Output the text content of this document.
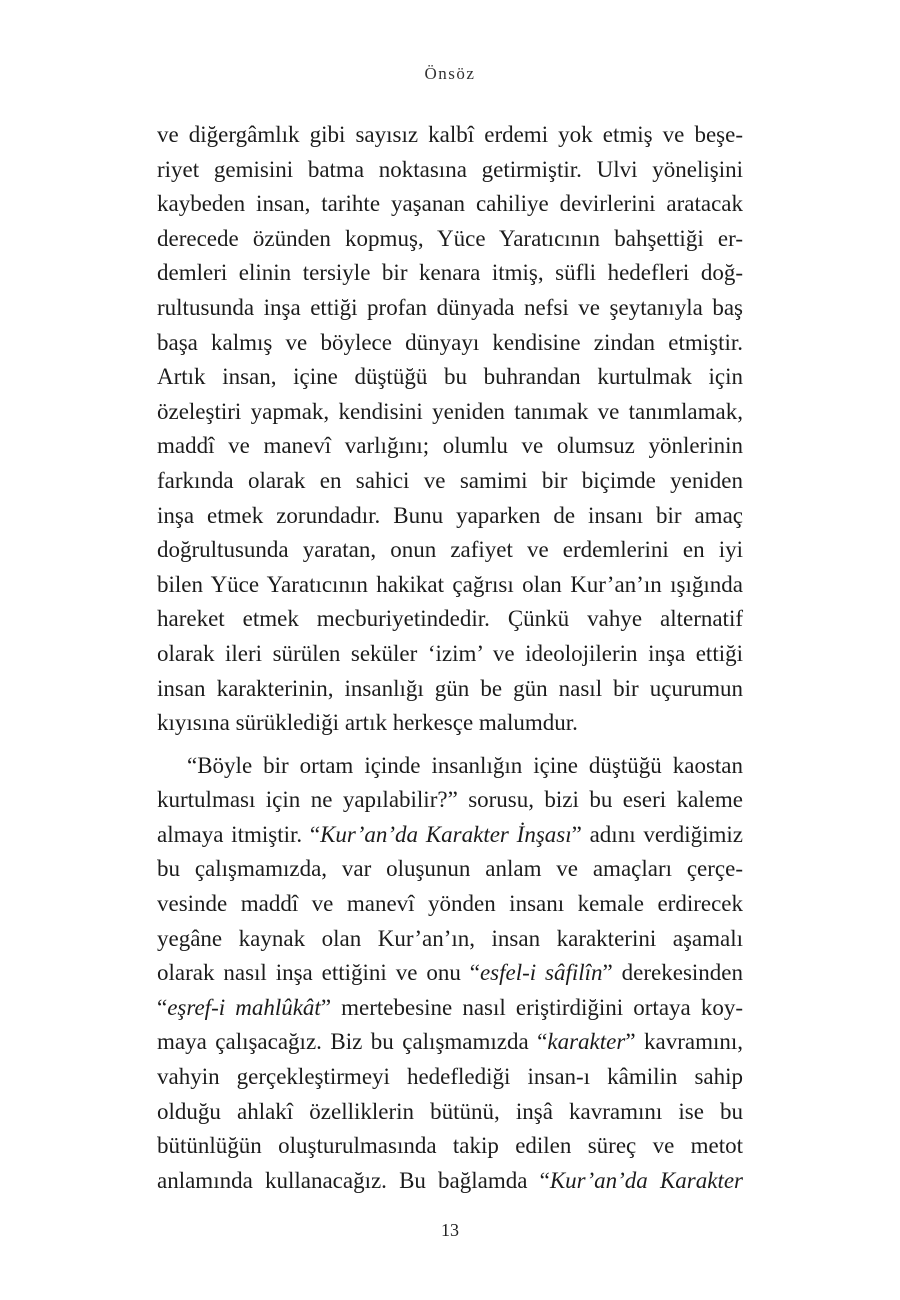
Önsöz
ve diğergâmlık gibi sayısız kalbî erdemi yok etmiş ve beşe-
riyet gemisini batma noktasına getirmiştir. Ulvi yönelişini
kaybeden insan, tarihte yaşanan cahiliye devirlerini aratacak
derecede özünden kopmuş, Yüce Yaratıcının bahşettiği er-
demleri elinin tersiyle bir kenara itmiş, süfli hedefleri doğ-
rultusunda inşa ettiği profan dünyada nefsi ve şeytanıyla baş
başa kalmış ve böylece dünyayı kendisine zindan etmiştir.
Artık insan, içine düştüğü bu buhrandan kurtulmak için
özeleştiri yapmak, kendisini yeniden tanımak ve tanımlamak,
maddî ve manevî varlığını; olumlu ve olumsuz yönlerinin
farkında olarak en sahici ve samimi bir biçimde yeniden
inşa etmek zorundadır. Bunu yaparken de insanı bir amaç
doğrultusunda yaratan, onun zafiyet ve erdemlerini en iyi
bilen Yüce Yaratıcının hakikat çağrısı olan Kur’an’ın ışığında
hareket etmek mecburiyetindedir. Çünkü vahye alternatif
olarak ileri sürülen seküler ‘izim’ ve ideolojilerin inşa ettiği
insan karakterinin, insanlığı gün be gün nasıl bir uçurumun
kıyısına sürüklediği artık herkesçe malumdur.
“Böyle bir ortam içinde insanlığın içine düştüğü kaostan
kurtulması için ne yapılabilir?” sorusu, bizi bu eseri kaleme
almaya itmiştir. “Kur’an’da Karakter İnşası” adını verdiğimiz
bu çalışmamızda, var oluşunun anlam ve amaçları çerçe-
vesinde maddî ve manevî yönden insanı kemale erdirecek
yegâne kaynak olan Kur’an’ın, insan karakterini aşamalı
olarak nasıl inşa ettiğini ve onu “esfel-i sâfilîn” derekesinden
“eşref-i mahlûkât” mertebesine nasıl eriştirdiğini ortaya koy-
maya çalışacağız. Biz bu çalışmamızda “karakter” kavramını,
vahyin gerçekleştirmeyi hedeflediği insan-ı kâmilin sahip
olduğu ahlakî özelliklerin bütünü, inşâ kavramını ise bu
bütünlüğün oluşturulmasında takip edilen süreç ve metot
anlamında kullanacağız. Bu bağlamda “Kur’an’da Karakter
13
